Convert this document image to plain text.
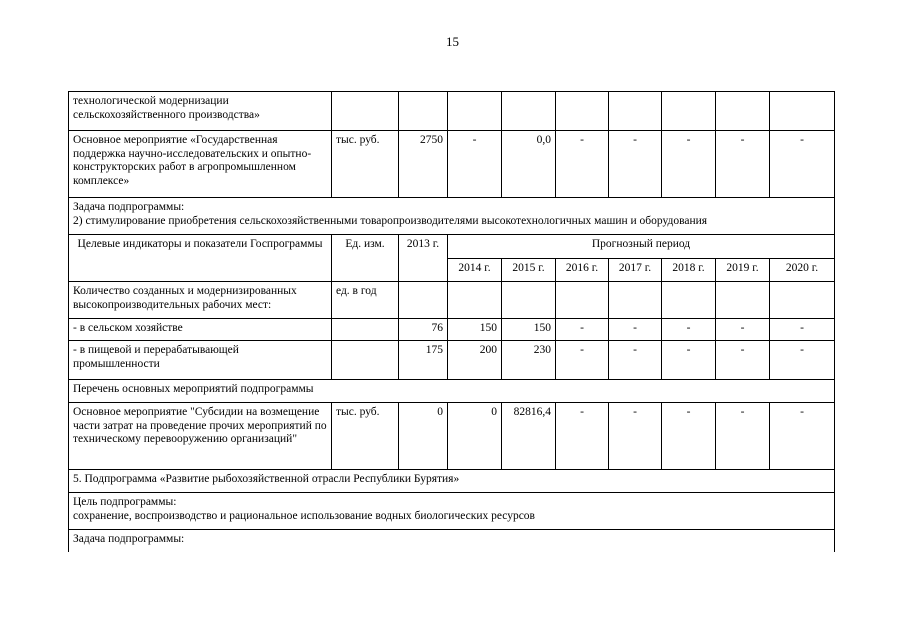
15
технологической модернизации сельскохозяйственного производства»									
Основное мероприятие «Государственная поддержка научно-исследовательских и опытно-конструкторских работ в агропромышленном комплексе»	тыс. руб.	2750	-	0,0	-	-	-	-	-

Задача подпрограммы:
2) стимулирование приобретения сельскохозяйственными товаропроизводителями высокотехнологичных машин и оборудования									

Целевые индикаторы и показатели Госпрограммы	Ед. изм.	2013 г.	Прогнозный период						
			2014 г.	2015 г.	2016 г.	2017 г.	2018 г.	2019 г.	2020 г.
Количество созданных и модернизированных высокопроизводительных рабочих мест:	ед. в год								
- в сельском хозяйстве		76	150	150	-	-	-	-	-
- в пищевой и перерабатывающей промышленности		175	200	230	-	-	-	-	-
Перечень основных мероприятий подпрограммы									
Основное мероприятие "Субсидии на возмещение части затрат на проведение прочих мероприятий по техническому перевооружению организаций"	тыс. руб.	0	0	82816,4	-	-	-	-	-
5. Подпрограмма «Развитие рыбохозяйственной отрасли Республики Бурятия»									

Цель подпрограммы:
сохранение, воспроизводство и рациональное использование водных биологических ресурсов									

Задача подпрограммы:									
